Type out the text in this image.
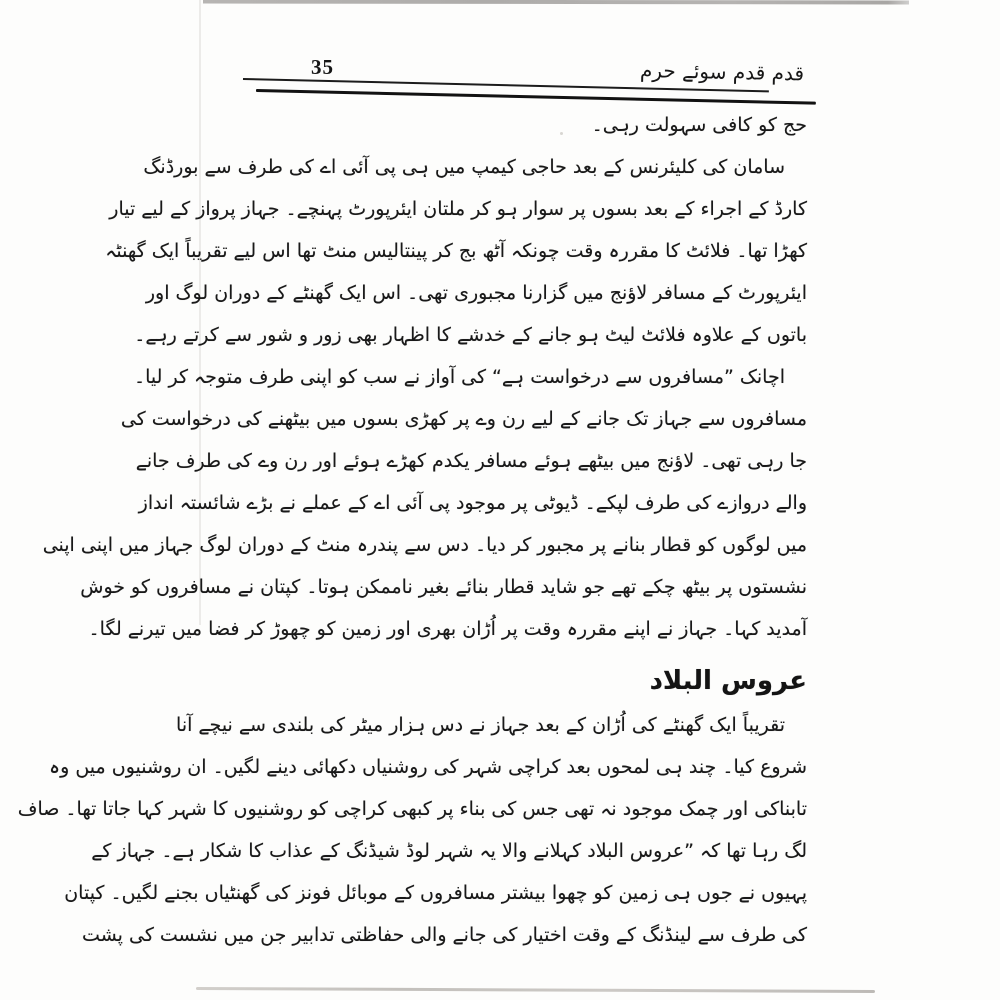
35	قدم قدم سوئے حرم
حج کو کافی سہولت رہی۔
سامان کی کلیئرنس کے بعد حاجی کیمپ میں ہی پی آئی اے کی طرف سے بورڈنگ
کارڈ کے اجراء کے بعد بسوں پر سوار ہو کر ملتان ایئرپورٹ پہنچے۔ جہاز پرواز کے لیے تیار
کھڑا تھا۔ فلائٹ کا مقررہ وقت چونکہ آٹھ بج کر پینتالیس منٹ تھا اس لیے تقریباً ایک گھنٹہ
ایئرپورٹ کے مسافر لاؤنج میں گزارنا مجبوری تھی۔ اس ایک گھنٹے کے دوران لوگ اور
باتوں کے علاوہ فلائٹ لیٹ ہو جانے کے خدشے کا اظہار بھی زور و شور سے کرتے رہے۔
اچانک ”مسافروں سے درخواست ہے“ کی آواز نے سب کو اپنی طرف متوجہ کر لیا۔
مسافروں سے جہاز تک جانے کے لیے رن وے پر کھڑی بسوں میں بیٹھنے کی درخواست کی
جا رہی تھی۔ لاؤنج میں بیٹھے ہوئے مسافر یکدم کھڑے ہوئے اور رن وے کی طرف جانے
والے دروازے کی طرف لپکے۔ ڈیوٹی پر موجود پی آئی اے کے عملے نے بڑے شائستہ انداز
میں لوگوں کو قطار بنانے پر مجبور کر دیا۔ دس سے پندرہ منٹ کے دوران لوگ جہاز میں اپنی اپنی
نشستوں پر بیٹھ چکے تھے جو شاید قطار بنائے بغیر ناممکن ہوتا۔ کپتان نے مسافروں کو خوش
آمدید کہا۔ جہاز نے اپنے مقررہ وقت پر اُڑان بھری اور زمین کو چھوڑ کر فضا میں تیرنے لگا۔
عروس البلاد
تقریباً ایک گھنٹے کی اُڑان کے بعد جہاز نے دس ہزار میٹر کی بلندی سے نیچے آنا
شروع کیا۔ چند ہی لمحوں بعد کراچی شہر کی روشنیاں دکھائی دینے لگیں۔ ان روشنیوں میں وہ
تابناکی اور چمک موجود نہ تھی جس کی بناء پر کبھی کراچی کو روشنیوں کا شہر کہا جاتا تھا۔ صاف
لگ رہا تھا کہ ”عروس البلاد کہلانے والا یہ شہر لوڈ شیڈنگ کے عذاب کا شکار ہے۔ جہاز کے
پہیوں نے جوں ہی زمین کو چھوا بیشتر مسافروں کے موبائل فونز کی گھنٹیاں بجنے لگیں۔ کپتان
کی طرف سے لینڈنگ کے وقت اختیار کی جانے والی حفاظتی تدابیر جن میں نشست کی پشت
